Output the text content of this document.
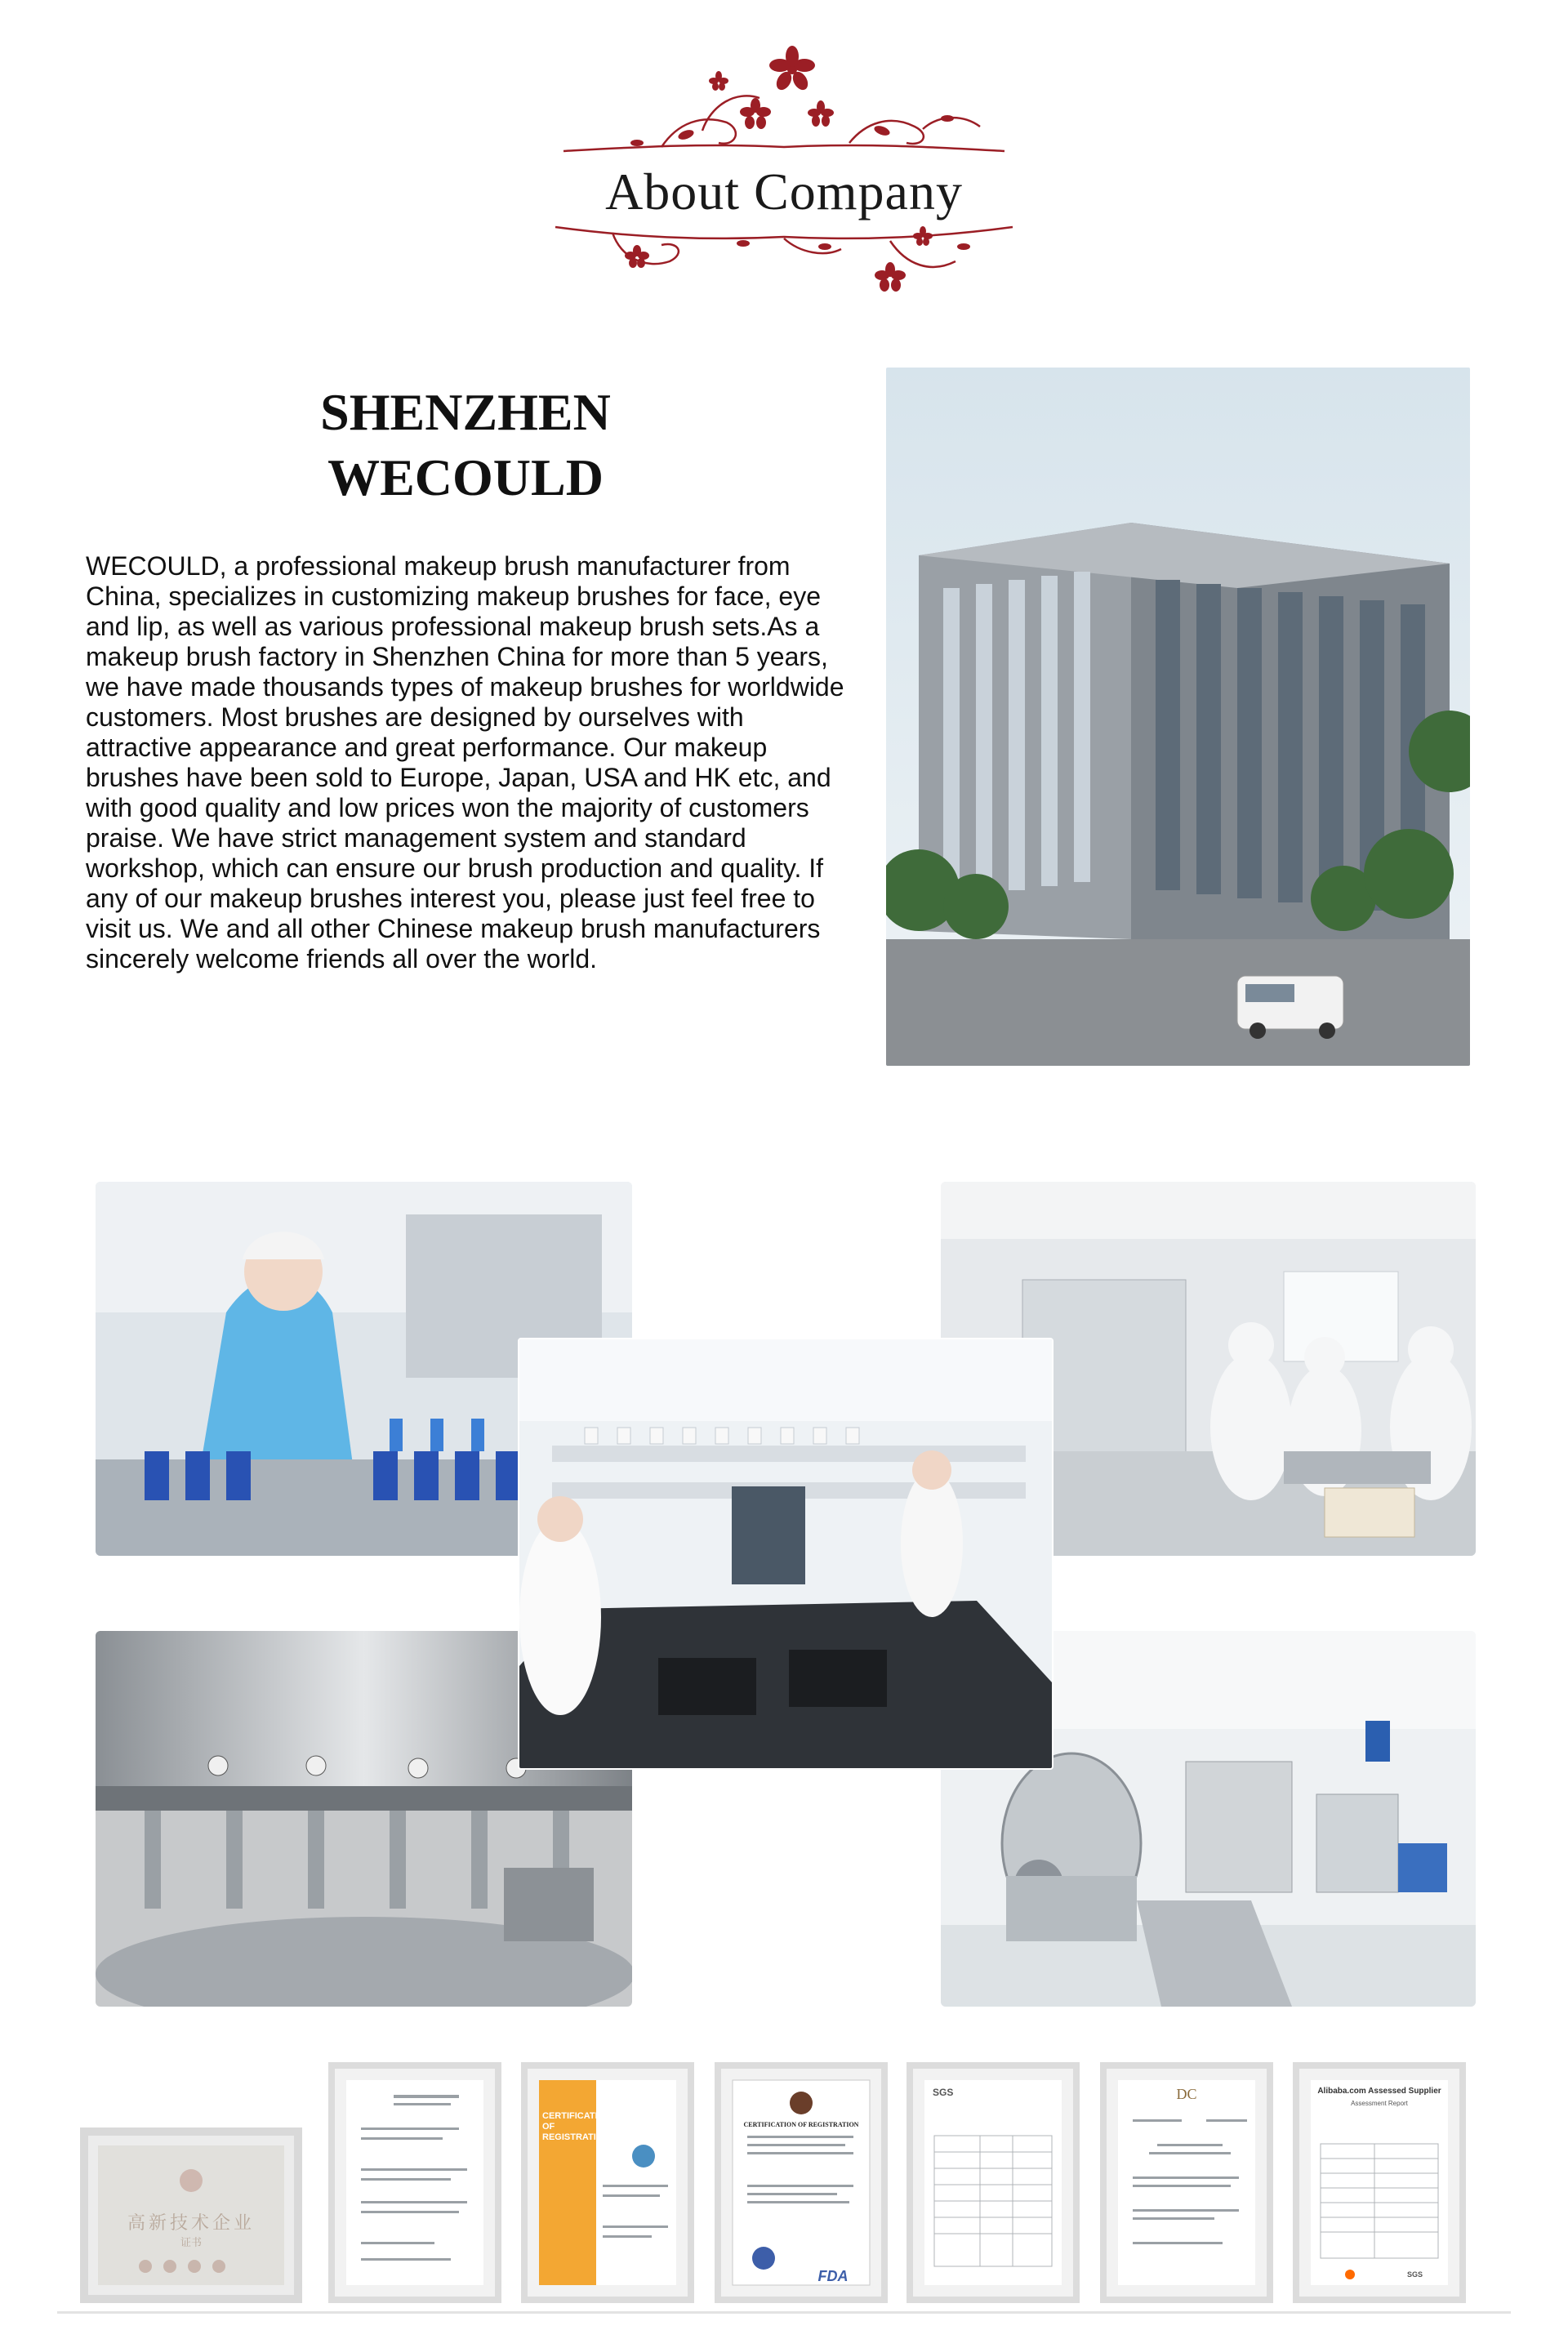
About Company
SHENZHEN
WECOULD
WECOULD, a professional makeup brush manufacturer from China, specializes in customizing makeup brushes for face, eye and lip, as well as various professional makeup brush sets.As a makeup brush factory in Shenzhen China for more than 5 years, we have made thousands types of makeup brushes for worldwide customers. Most brushes are designed by ourselves with attractive appearance and great performance. Our makeup brushes have been sold to Europe, Japan, USA and HK etc, and with good quality and low prices won the majority of customers praise. We have strict management system and standard workshop, which can ensure our brush production and quality. If any of our makeup brushes interest you, please just feel free to visit us. We and all other Chinese makeup brush manufacturers sincerely welcome friends all over the world.
高新技术企业
证书
CERTIFICATE
OF REGISTRATION
CERTIFICATION OF REGISTRATION
FDA
SGS	DC	Alibaba.com Assessed Supplier
Assessment Report
SGS
